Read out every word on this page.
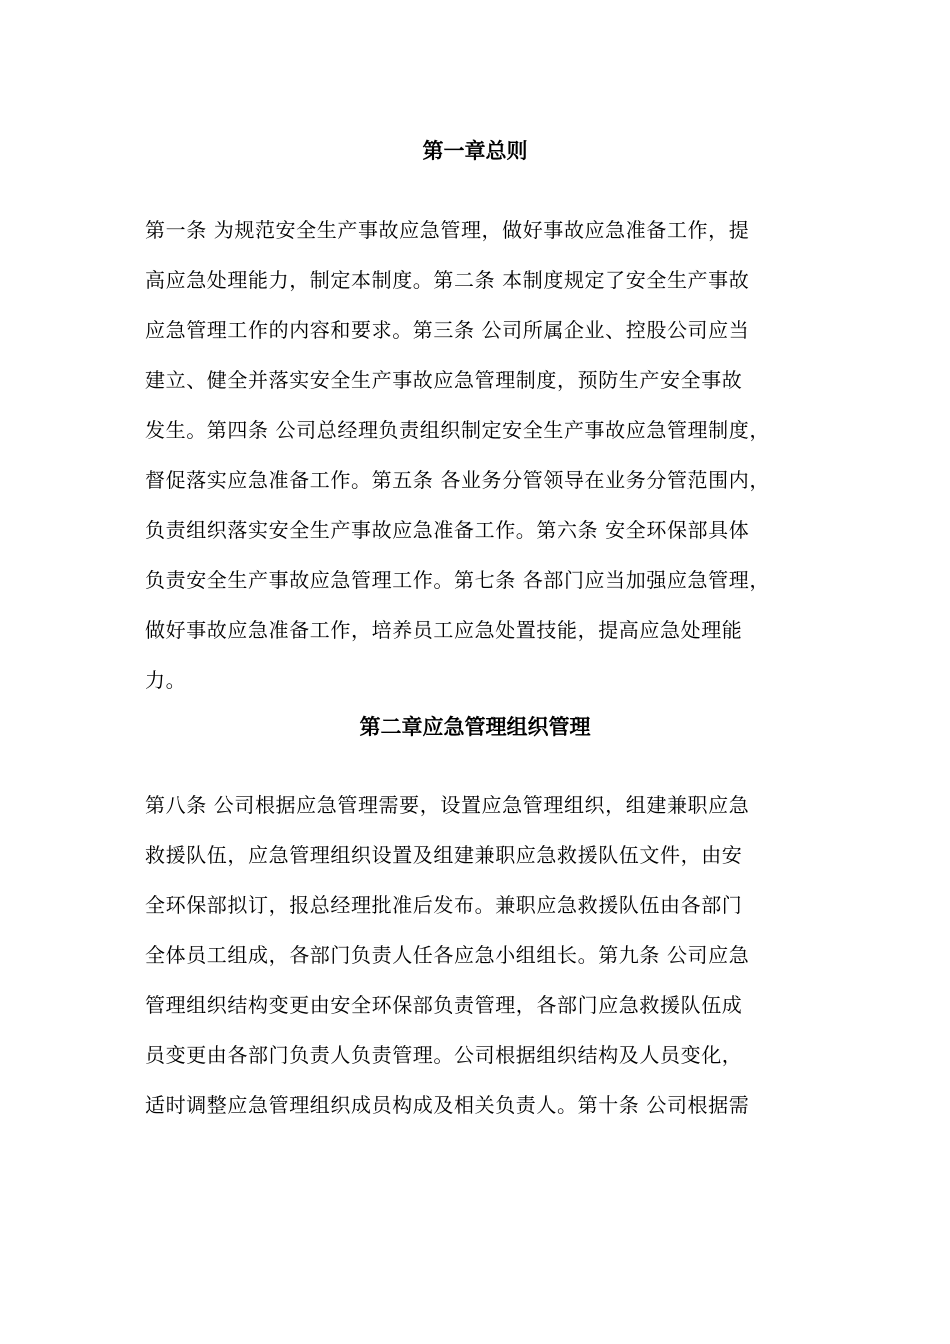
第一章总则
第一条 为规范安全生产事故应急管理，做好事故应急准备工作，提
高应急处理能力，制定本制度。第二条 本制度规定了安全生产事故
应急管理工作的内容和要求。第三条 公司所属企业、控股公司应当
建立、健全并落实安全生产事故应急管理制度，预防生产安全事故
发生。第四条 公司总经理负责组织制定安全生产事故应急管理制度，
督促落实应急准备工作。第五条 各业务分管领导在业务分管范围内，
负责组织落实安全生产事故应急准备工作。第六条 安全环保部具体
负责安全生产事故应急管理工作。第七条 各部门应当加强应急管理，
做好事故应急准备工作，培养员工应急处置技能，提高应急处理能
力。
第二章应急管理组织管理
第八条 公司根据应急管理需要，设置应急管理组织，组建兼职应急
救援队伍，应急管理组织设置及组建兼职应急救援队伍文件，由安
全环保部拟订，报总经理批准后发布。兼职应急救援队伍由各部门
全体员工组成，各部门负责人任各应急小组组长。第九条 公司应急
管理组织结构变更由安全环保部负责管理，各部门应急救援队伍成
员变更由各部门负责人负责管理。公司根据组织结构及人员变化，
适时调整应急管理组织成员构成及相关负责人。第十条 公司根据需
